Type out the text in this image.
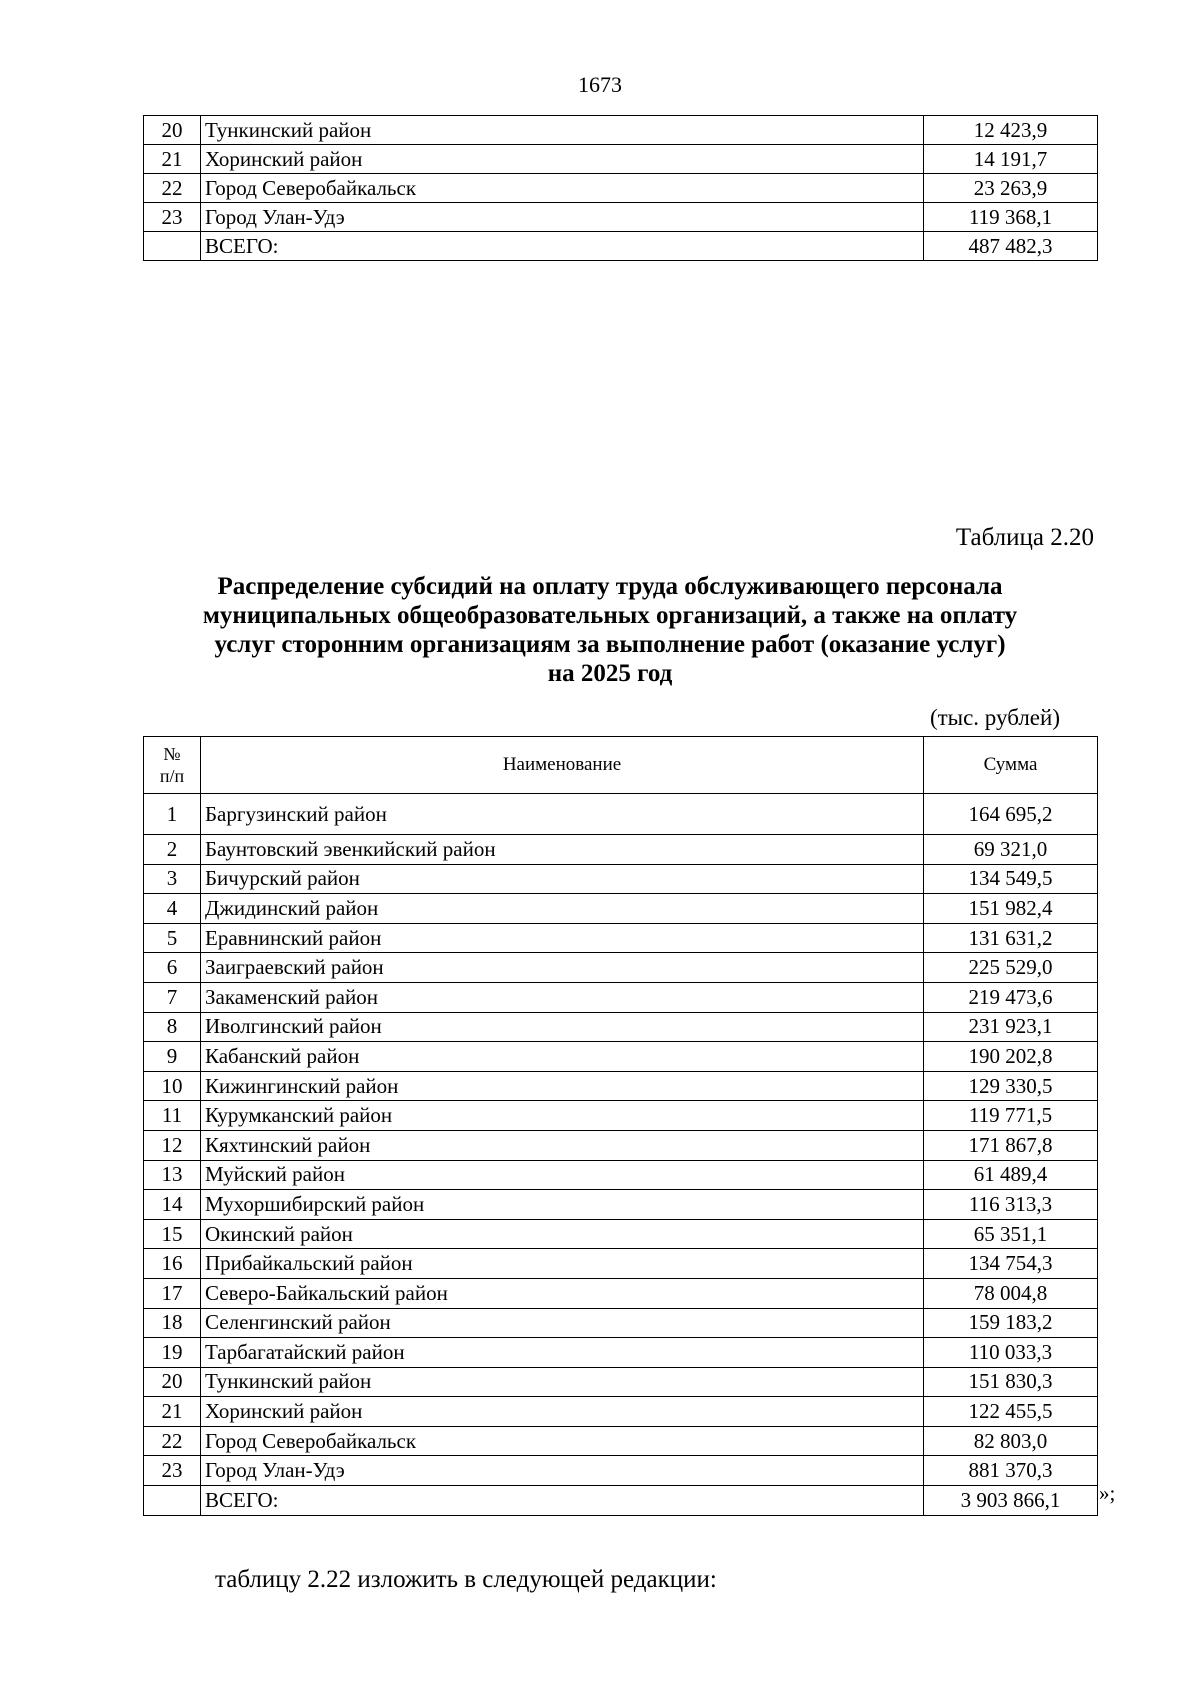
1673
20	Тункинский район	12 423,9
21	Хоринский район	14 191,7
22	Город Северобайкальск	23 263,9
23	Город Улан-Удэ	119 368,1
	ВСЕГО:	487 482,3
Таблица 2.20
Распределение субсидий на оплату труда обслуживающего персонала
муниципальных общеобразовательных организаций, а также на оплату
услуг сторонним организациям за выполнение работ (оказание услуг)
на 2025 год
(тыс. рублей)
№
п/п	Наименование	Сумма
1	Баргузинский район	164 695,2
2	Баунтовский эвенкийский район	69 321,0
3	Бичурский район	134 549,5
4	Джидинский район	151 982,4
5	Еравнинский район	131 631,2
6	Заиграевский район	225 529,0
7	Закаменский район	219 473,6
8	Иволгинский район	231 923,1
9	Кабанский район	190 202,8
10	Кижингинский район	129 330,5
11	Курумканский район	119 771,5
12	Кяхтинский район	171 867,8
13	Муйский район	61 489,4
14	Мухоршибирский район	116 313,3
15	Окинский район	65 351,1
16	Прибайкальский район	134 754,3
17	Северо-Байкальский район	78 004,8
18	Селенгинский район	159 183,2
19	Тарбагатайский район	110 033,3
20	Тункинский район	151 830,3
21	Хоринский район	122 455,5
22	Город Северобайкальск	82 803,0
23	Город Улан-Удэ	881 370,3
	ВСЕГО:	3 903 866,1 »;
таблицу 2.22 изложить в следующей редакции:
